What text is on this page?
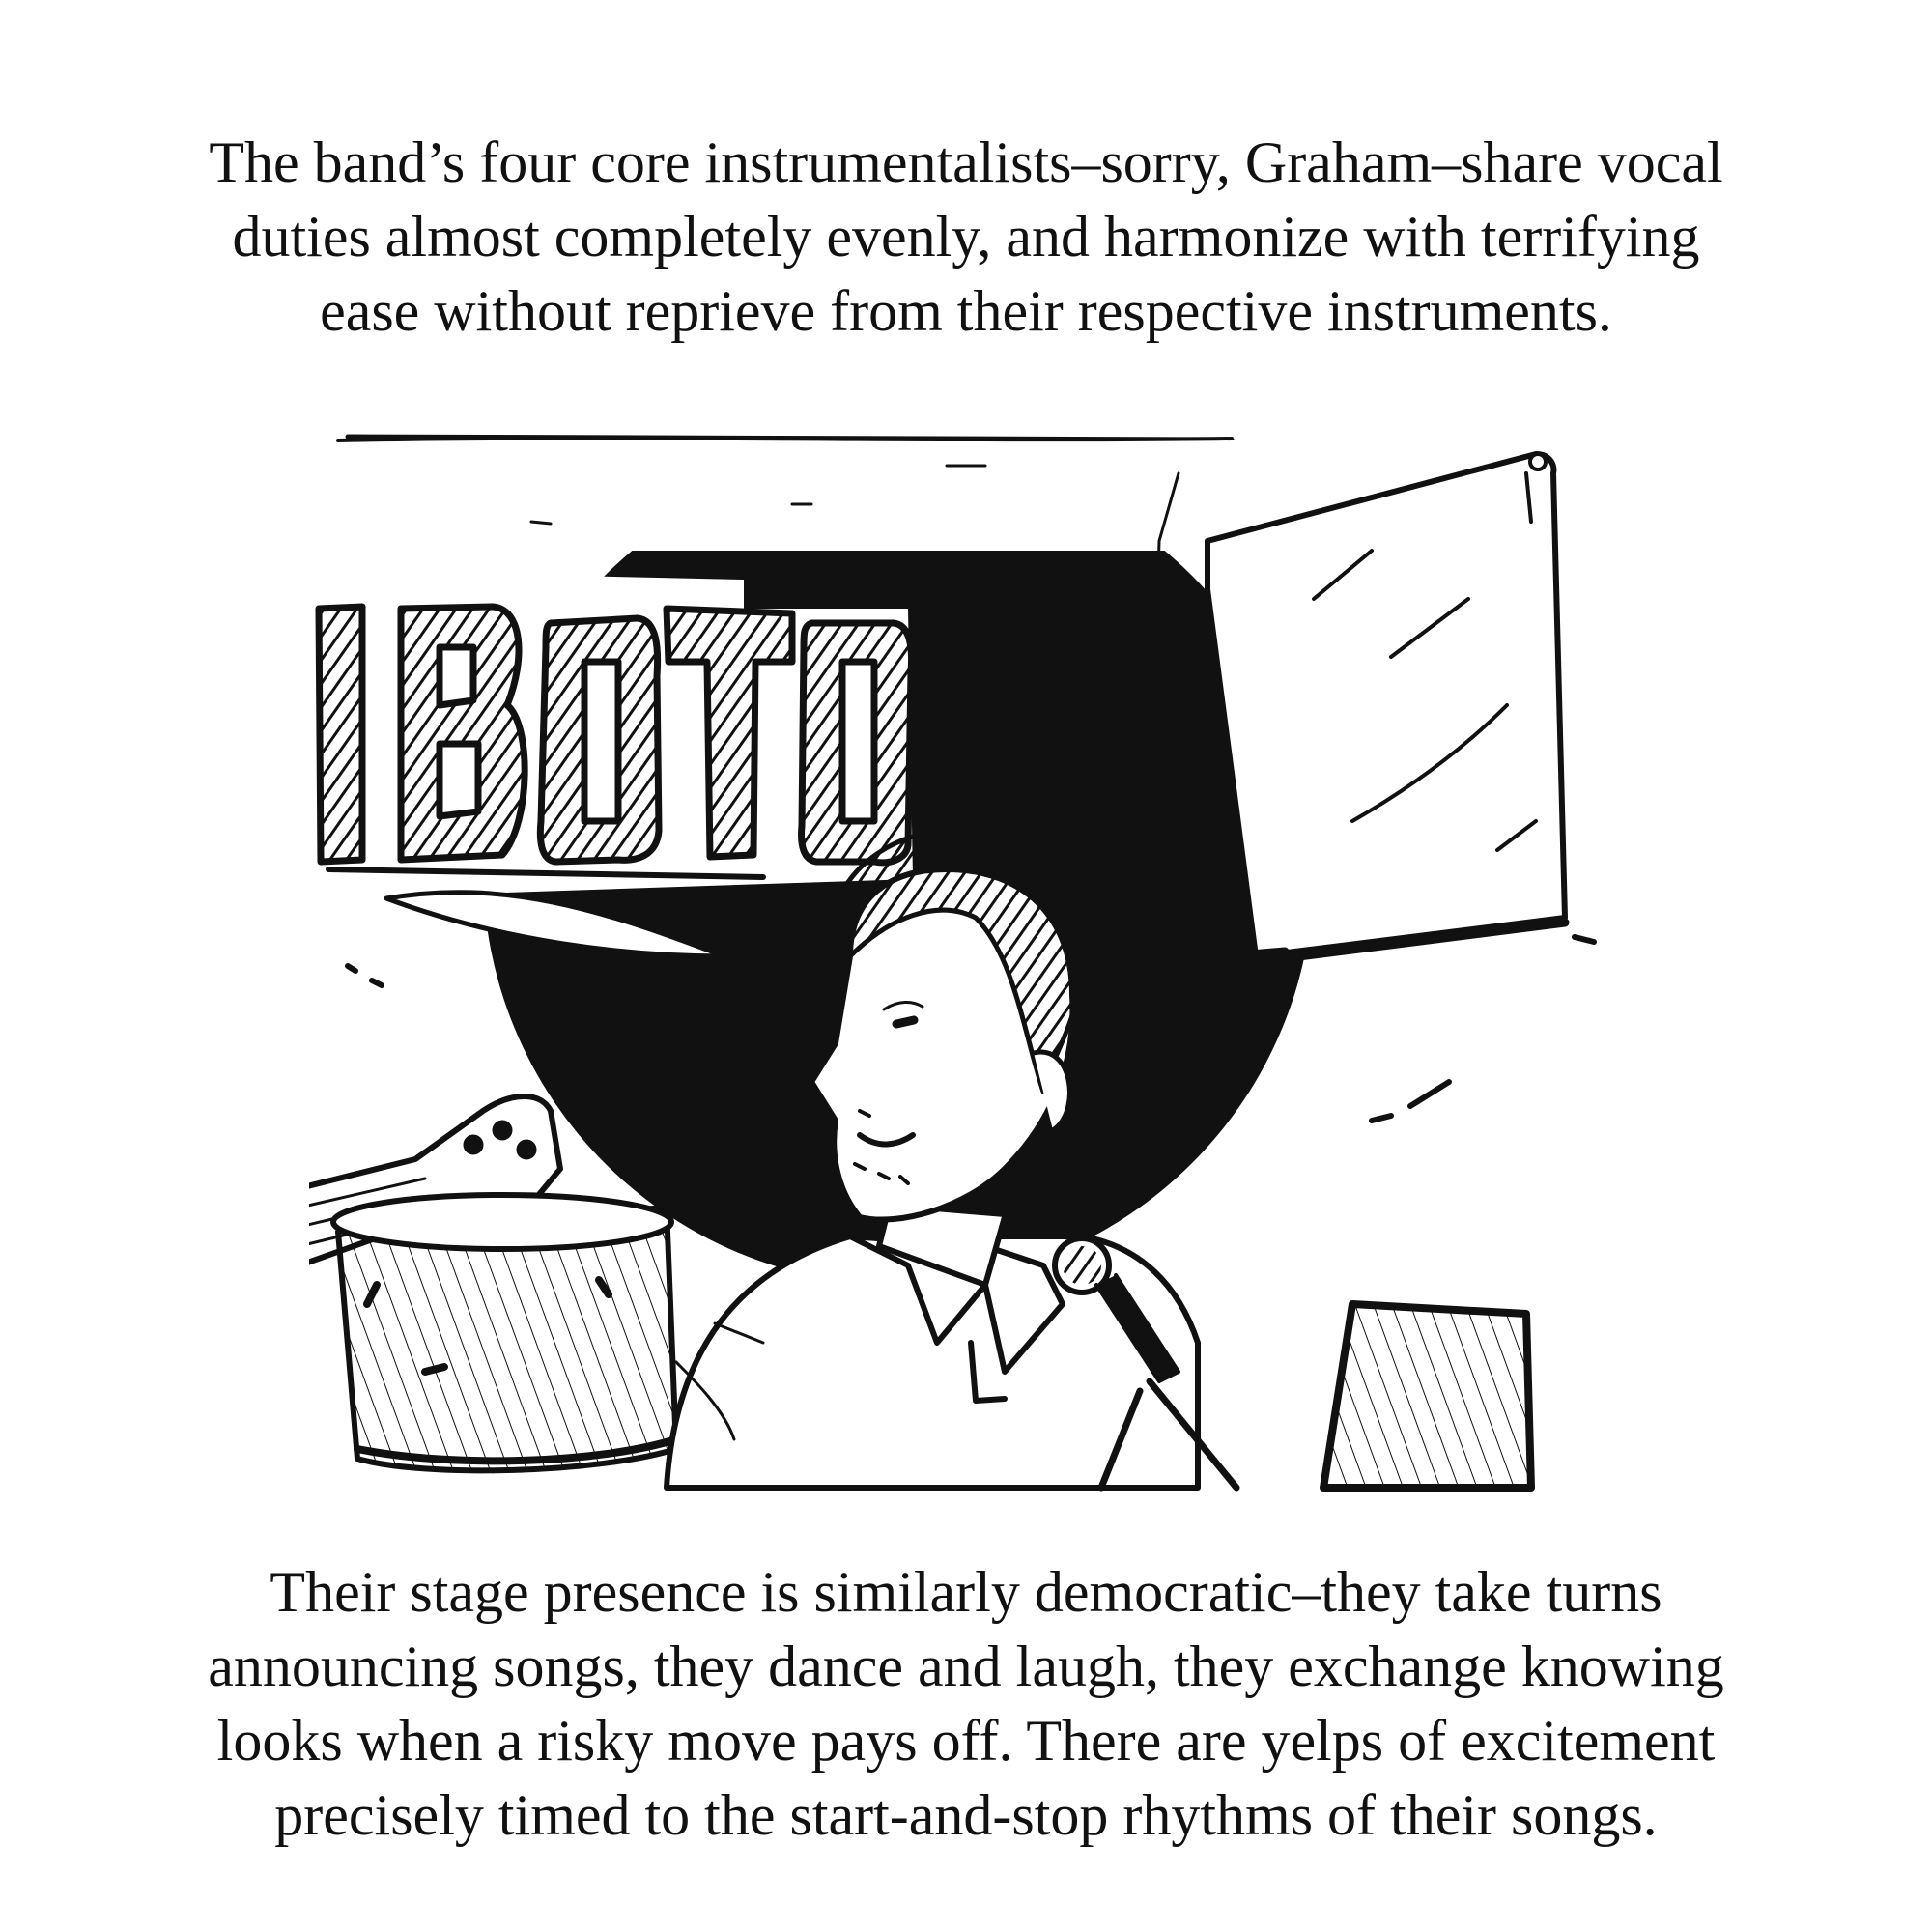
The band’s four core instrumentalists–sorry, Graham–share vocal
duties almost completely evenly, and harmonize with terrifying
ease without reprieve from their respective instruments.
Their stage presence is similarly democratic–they take turns
announcing songs, they dance and laugh, they exchange knowing
looks when a risky move pays off. There are yelps of excitement
precisely timed to the start-and-stop rhythms of their songs.
